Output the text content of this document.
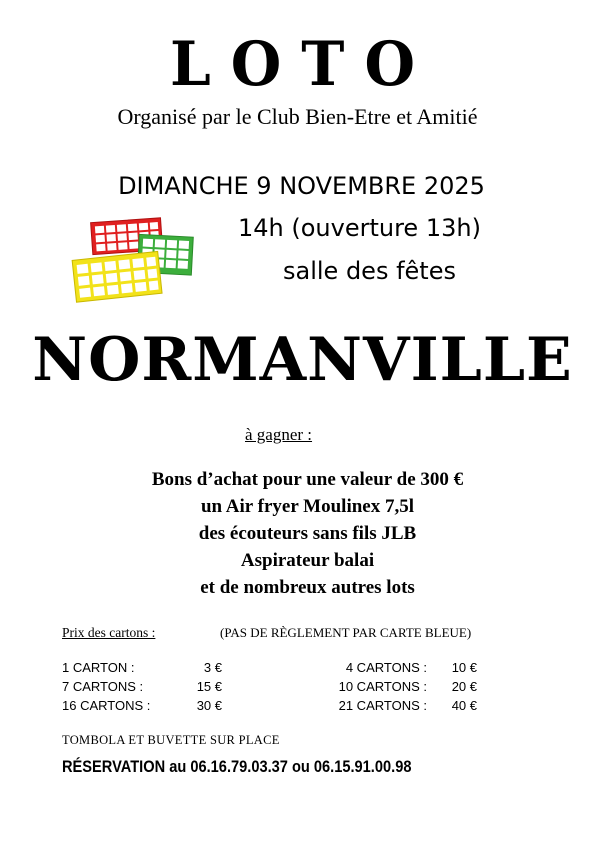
LOTO
Organisé par le Club Bien-Etre et Amitié
DIMANCHE 9 NOVEMBRE 2025
14h (ouverture 13h)
salle des fêtes
NORMANVILLE
à gagner :
Bons d’achat pour une valeur de 300 €
un Air fryer Moulinex 7,5l
des écouteurs sans fils JLB
Aspirateur balai
et de nombreux autres lots
Prix des cartons :	(PAS DE RÈGLEMENT PAR CARTE BLEUE)
1 CARTON :
7 CARTONS :
16 CARTONS :
3 €
15 €
30 €
4 CARTONS :
10 CARTONS :
21 CARTONS :
10 €
20 €
40 €
TOMBOLA ET BUVETTE SUR PLACE
RÉSERVATION au 06.16.79.03.37 ou 06.15.91.00.98
